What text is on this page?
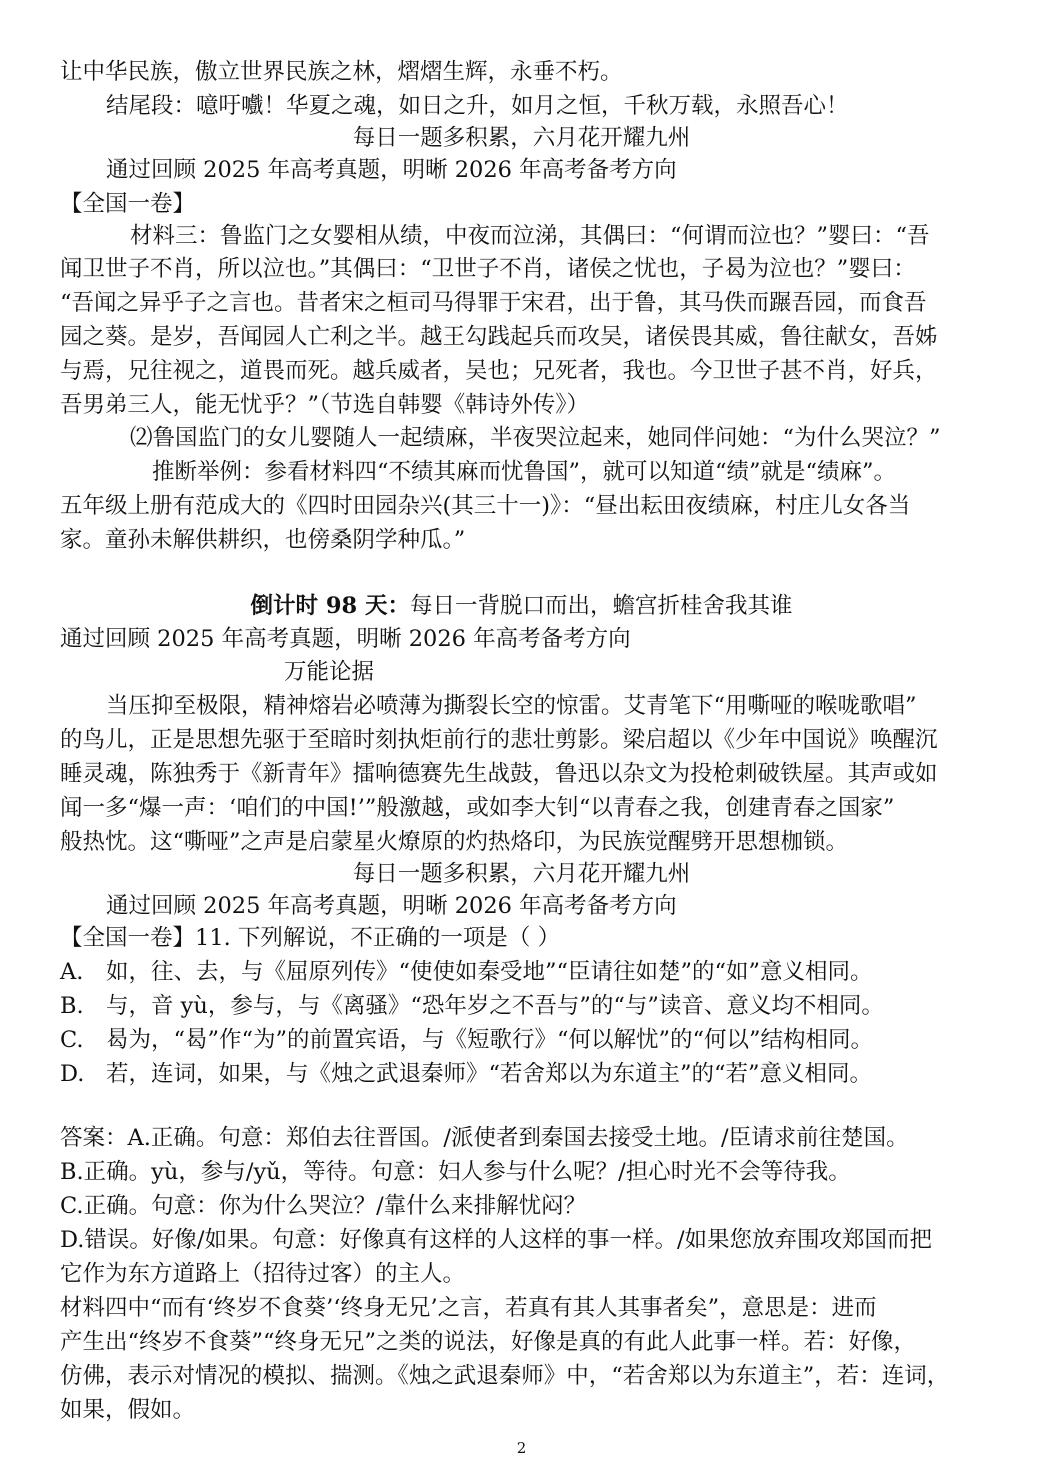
让中华民族，傲立世界民族之林，熠熠生辉，永垂不朽。
结尾段：噫吁嚱！华夏之魂，如日之升，如月之恒，千秋万载，永照吾心！
每日一题多积累，六月花开耀九州
通过回顾 2025 年高考真题，明晰 2026 年高考备考方向
【全国一卷】
材料三：鲁监门之女婴相从绩，中夜而泣涕，其偶曰：“何谓而泣也？”婴曰：“吾
闻卫世子不肖，所以泣也。”其偶曰：“卫世子不肖，诸侯之忧也，子曷为泣也？”婴曰：
“吾闻之异乎子之言也。昔者宋之桓司马得罪于宋君，出于鲁，其马佚而蹍吾园，而食吾
园之葵。是岁，吾闻园人亡利之半。越王勾践起兵而攻吴，诸侯畏其威，鲁往献女，吾姊
与焉，兄往视之，道畏而死。越兵威者，吴也；兄死者，我也。今卫世子甚不肖，好兵，
吾男弟三人，能无忧乎？”（节选自韩婴《韩诗外传》）
⑵鲁国监门的女儿婴随人一起绩麻，半夜哭泣起来，她同伴问她：“为什么哭泣？”
推断举例：参看材料四“不绩其麻而忧鲁国”，就可以知道“绩”就是“绩麻”。
五年级上册有范成大的《四时田园杂兴(其三十一)》：“昼出耘田夜绩麻，村庄儿女各当
家。童孙未解供耕织，也傍桑阴学种瓜。”
倒计时 98 天：每日一背脱口而出，蟾宫折桂舍我其谁
通过回顾 2025 年高考真题，明晰 2026 年高考备考方向
万能论据
当压抑至极限，精神熔岩必喷薄为撕裂长空的惊雷。艾青笔下“用嘶哑的喉咙歌唱”
的鸟儿，正是思想先驱于至暗时刻执炬前行的悲壮剪影。梁启超以《少年中国说》唤醒沉
睡灵魂，陈独秀于《新青年》擂响德赛先生战鼓，鲁迅以杂文为投枪刺破铁屋。其声或如
闻一多“爆一声：‘咱们的中国!’”般激越，或如李大钊“以青春之我，创建青春之国家”
般热忱。这“嘶哑”之声是启蒙星火燎原的灼热烙印，为民族觉醒劈开思想枷锁。
每日一题多积累，六月花开耀九州
通过回顾 2025 年高考真题，明晰 2026 年高考备考方向
【全国一卷】11. 下列解说，不正确的一项是（ ）
A. 如，往、去，与《屈原列传》“使使如秦受地”“臣请往如楚”的“如”意义相同。
B. 与，音 yù，参与，与《离骚》“恐年岁之不吾与”的“与”读音、意义均不相同。
C. 曷为，“曷”作“为”的前置宾语，与《短歌行》“何以解忧”的“何以”结构相同。
D. 若，连词，如果，与《烛之武退秦师》“若舍郑以为东道主”的“若”意义相同。
答案：A.正确。句意：郑伯去往晋国。/派使者到秦国去接受土地。/臣请求前往楚国。
B.正确。yù，参与/yǔ，等待。句意：妇人参与什么呢？/担心时光不会等待我。
C.正确。句意：你为什么哭泣？/靠什么来排解忧闷？
D.错误。好像/如果。句意：好像真有这样的人这样的事一样。/如果您放弃围攻郑国而把
它作为东方道路上（招待过客）的主人。
材料四中“而有‘终岁不食葵’‘终身无兄’之言，若真有其人其事者矣”，意思是：进而
产生出“终岁不食葵”“终身无兄”之类的说法，好像是真的有此人此事一样。若：好像，
仿佛，表示对情况的模拟、揣测。《烛之武退秦师》中，“若舍郑以为东道主”，若：连词，
如果，假如。
2
